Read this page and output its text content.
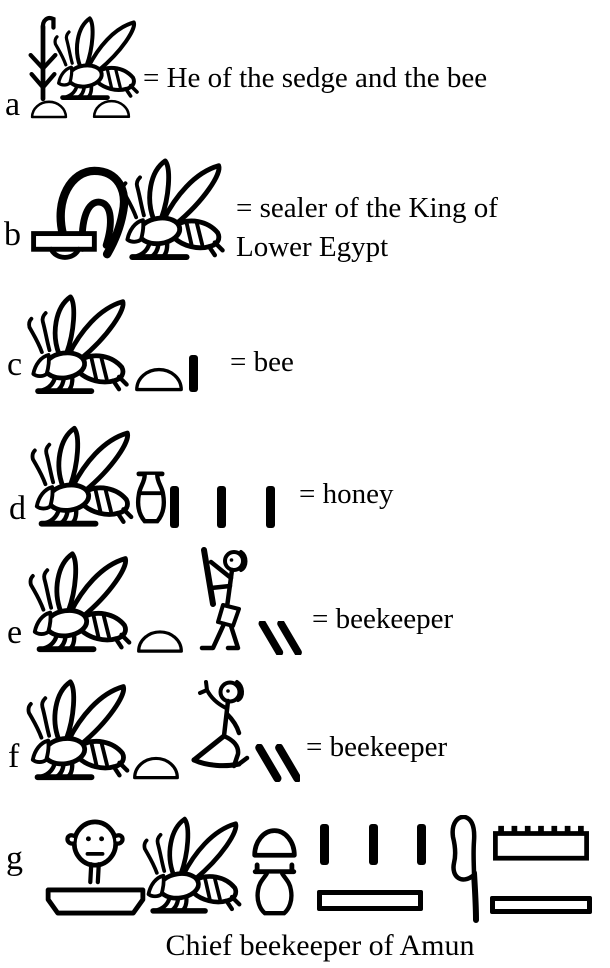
a
= He of the sedge and the bee
b
= sealer of the King of
Lower Egypt
c	= bee
d	= honey
e	= beekeeper
f	= beekeeper
g
Chief beekeeper of Amun
